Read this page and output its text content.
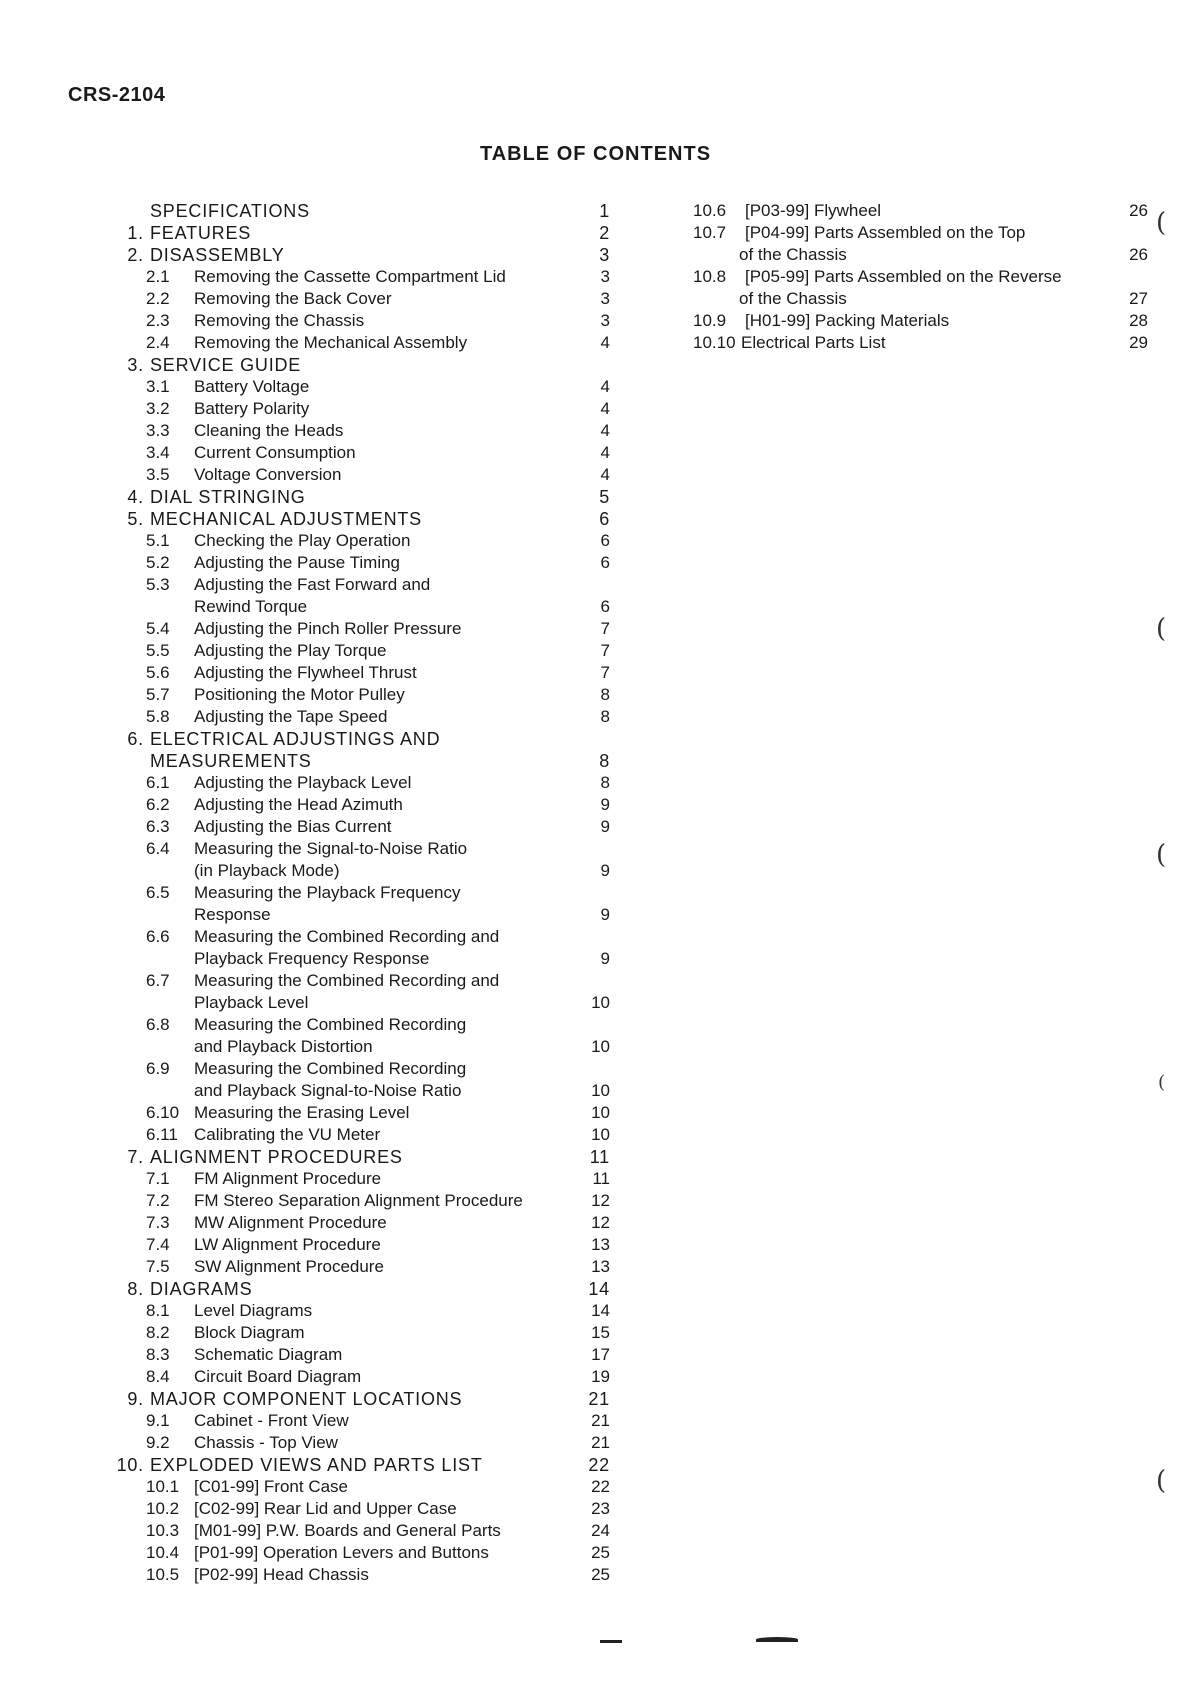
CRS-2104
TABLE OF CONTENTS
SPECIFICATIONS	1
1. FEATURES	2
2. DISASSEMBLY	3
2.1 Removing the Cassette Compartment Lid	3
2.2 Removing the Back Cover	3
2.3 Removing the Chassis	3
2.4 Removing the Mechanical Assembly	4
3. SERVICE GUIDE
3.1 Battery Voltage	4
3.2 Battery Polarity	4
3.3 Cleaning the Heads	4
3.4 Current Consumption	4
3.5 Voltage Conversion	4
4. DIAL STRINGING	5
5. MECHANICAL ADJUSTMENTS	6
5.1 Checking the Play Operation	6
5.2 Adjusting the Pause Timing	6
5.3 Adjusting the Fast Forward and
Rewind Torque	6
5.4 Adjusting the Pinch Roller Pressure	7
5.5 Adjusting the Play Torque	7
5.6 Adjusting the Flywheel Thrust	7
5.7 Positioning the Motor Pulley	8
5.8 Adjusting the Tape Speed	8
6. ELECTRICAL ADJUSTINGS AND
MEASUREMENTS	8
6.1 Adjusting the Playback Level	8
6.2 Adjusting the Head Azimuth	9
6.3 Adjusting the Bias Current	9
6.4 Measuring the Signal-to-Noise Ratio
(in Playback Mode)	9
6.5 Measuring the Playback Frequency
Response	9
6.6 Measuring the Combined Recording and
Playback Frequency Response	9
6.7 Measuring the Combined Recording and
Playback Level	10
6.8 Measuring the Combined Recording
and Playback Distortion	10
6.9 Measuring the Combined Recording
and Playback Signal-to-Noise Ratio	10
6.10 Measuring the Erasing Level	10
6.11 Calibrating the VU Meter	10
7. ALIGNMENT PROCEDURES	11
7.1 FM Alignment Procedure	11
7.2 FM Stereo Separation Alignment Procedure	12
7.3 MW Alignment Procedure	12
7.4 LW Alignment Procedure	13
7.5 SW Alignment Procedure	13
8. DIAGRAMS	14
8.1 Level Diagrams	14
8.2 Block Diagram	15
8.3 Schematic Diagram	17
8.4 Circuit Board Diagram	19
9. MAJOR COMPONENT LOCATIONS	21
9.1 Cabinet - Front View	21
9.2 Chassis - Top View	21
10. EXPLODED VIEWS AND PARTS LIST	22
10.1 [C01-99] Front Case	22
10.2 [C02-99] Rear Lid and Upper Case	23
10.3 [M01-99] P.W. Boards and General Parts	24
10.4 [P01-99] Operation Levers and Buttons	25
10.5 [P02-99] Head Chassis	25
10.6 [P03-99] Flywheel	26
10.7 [P04-99] Parts Assembled on the Top
of the Chassis	26
10.8 [P05-99] Parts Assembled on the Reverse
of the Chassis	27
10.9 [H01-99] Packing Materials	28
10.10 Electrical Parts List	29
(
(
(
(
(
